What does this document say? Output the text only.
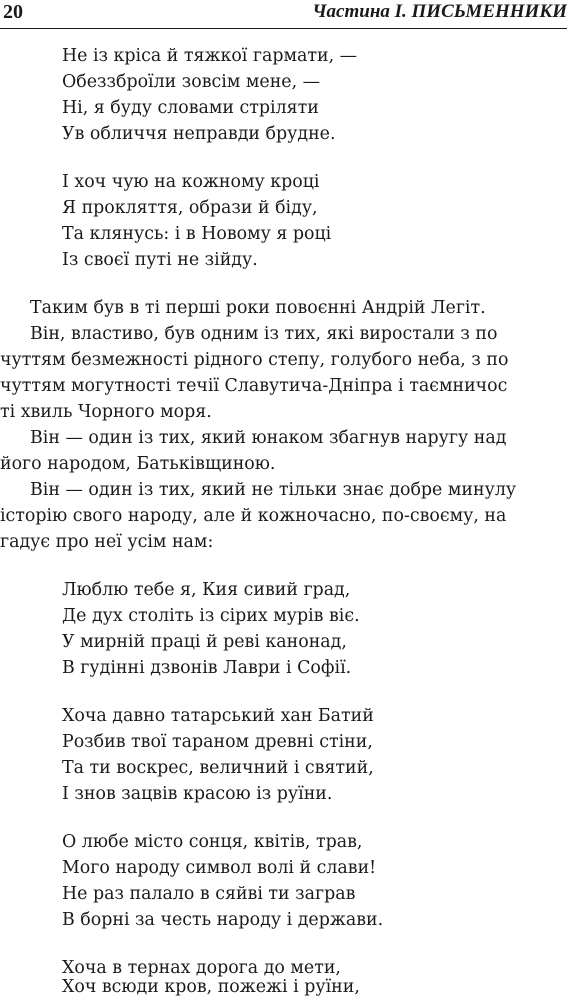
20	Частина І. ПИСЬМЕННИКИ
Не із кріса й тяжкої гармати, —
Обеззброїли зовсім мене, —
Ні, я буду словами стріляти
Ув обличчя неправди брудне.
І хоч чую на кожному кроці
Я прокляття, образи й біду,
Та клянусь: і в Новому я році
Із своєї путі не зійду.
Таким був в ті перші роки повоєнні Андрій Легіт.
Він, властиво, був одним із тих, які виростали з по
чуттям безмежності рідного степу, голубого неба, з по
чуттям могутності течії Славутича-Дніпра і таємничос
ті хвиль Чорного моря.
Він — один із тих, який юнаком збагнув наругу над
його народом, Батьківщиною.
Він — один із тих, який не тільки знає добре минулу
історію свого народу, але й кожночасно, по-своєму, на
гадує про неї усім нам:
Люблю тебе я, Кия сивий град,
Де дух століть із сірих мурів віє.
У мирній праці й реві канонад,
В гудінні дзвонів Лаври і Софії.
Хоча давно татарський хан Батий
Розбив твої тараном древні стіни,
Та ти воскрес, величний і святий,
І знов зацвів красою із руїни.
О любе місто сонця, квітів, трав,
Мого народу символ волі й слави!
Не раз палало в сяйві ти заграв
В борні за честь народу і держави.
Хоча в тернах дорога до мети,
Хоч всюди кров, пожежі і руїни,
